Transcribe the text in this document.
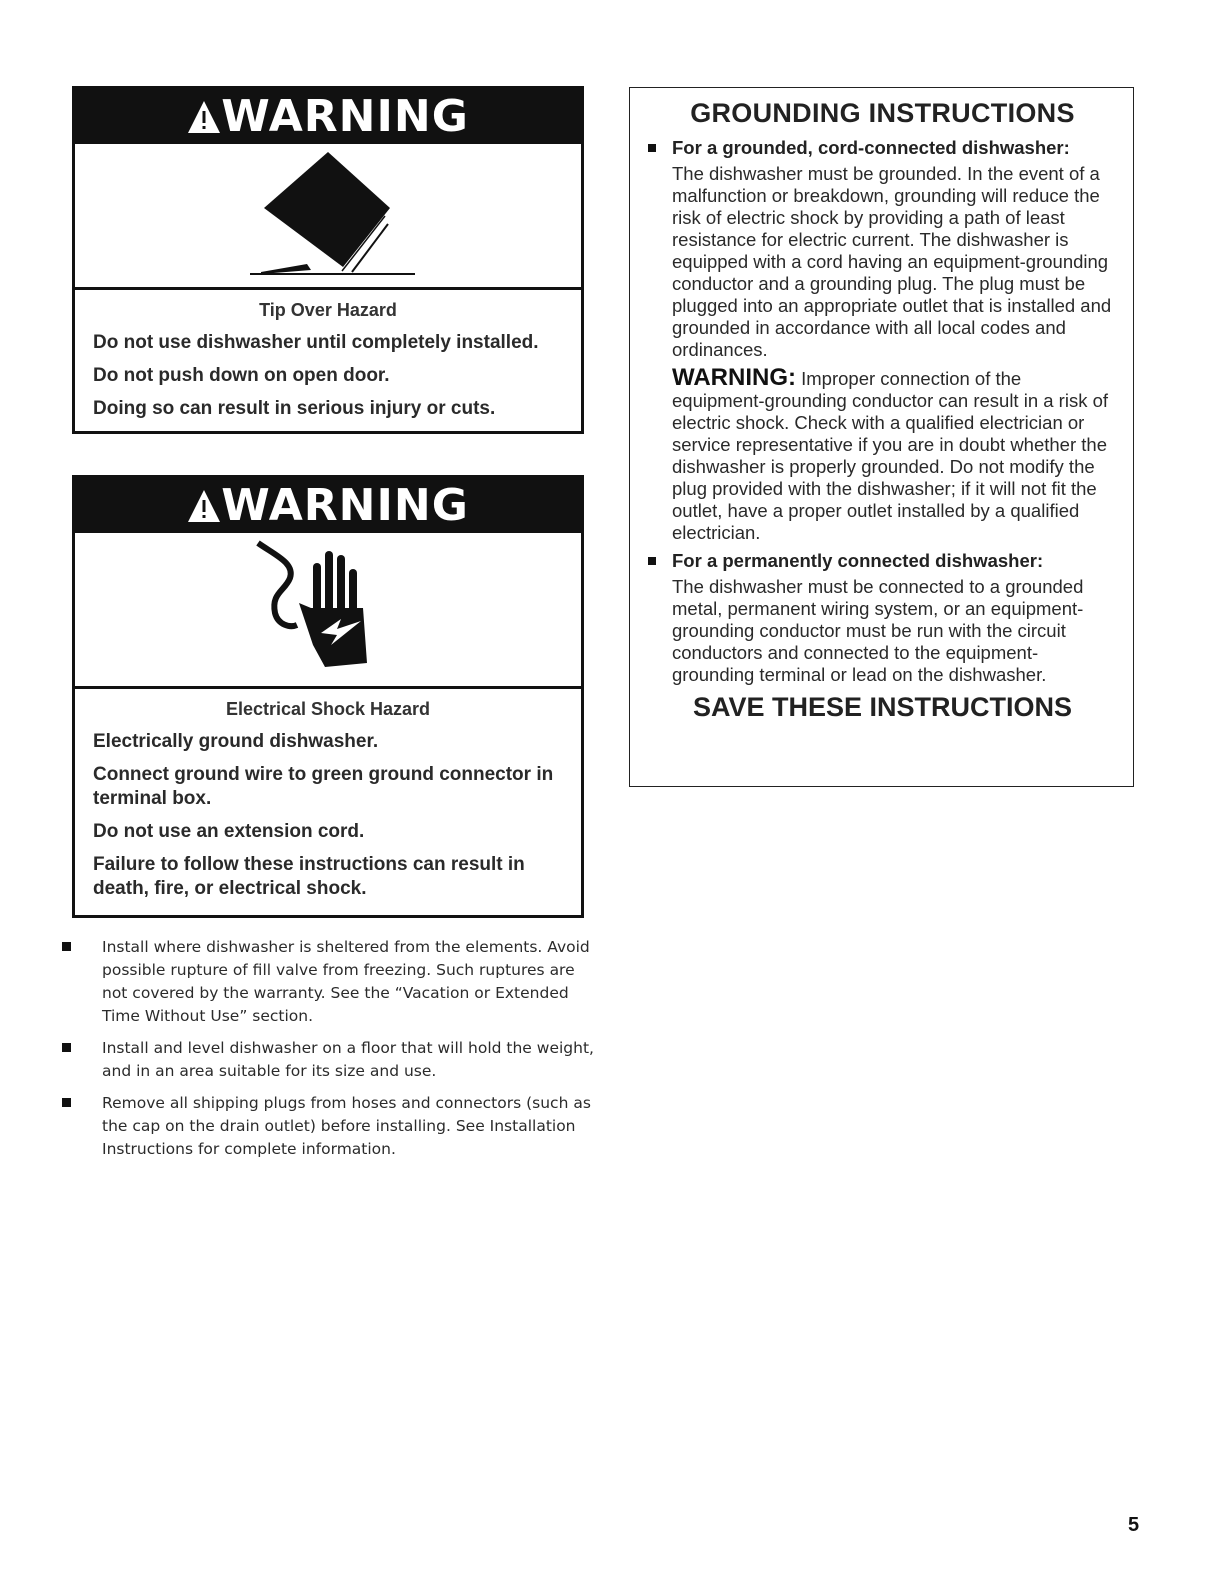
WARNING
Tip Over Hazard
Do not use dishwasher until completely installed.
Do not push down on open door.
Doing so can result in serious injury or cuts.
WARNING
Electrical Shock Hazard
Electrically ground dishwasher.
Connect ground wire to green ground connector in terminal box.
Do not use an extension cord.
Failure to follow these instructions can result in death, fire, or electrical shock.
GROUNDING INSTRUCTIONS
For a grounded, cord-connected dishwasher:

The dishwasher must be grounded. In the event of a malfunction or breakdown, grounding will reduce the risk of electric shock by providing a path of least resistance for electric current. The dishwasher is equipped with a cord having an equipment-grounding conductor and a grounding plug. The plug must be plugged into an appropriate outlet that is installed and grounded in accordance with all local codes and ordinances.

WARNING: Improper connection of the equipment-grounding conductor can result in a risk of electric shock. Check with a qualified electrician or service representative if you are in doubt whether the dishwasher is properly grounded. Do not modify the plug provided with the dishwasher; if it will not fit the outlet, have a proper outlet installed by a qualified electrician.

For a permanently connected dishwasher:

The dishwasher must be connected to a grounded metal, permanent wiring system, or an equipment-grounding conductor must be run with the circuit conductors and connected to the equipment-grounding terminal or lead on the dishwasher.

SAVE THESE INSTRUCTIONS
Install where dishwasher is sheltered from the elements. Avoid possible rupture of fill valve from freezing. Such ruptures are not covered by the warranty. See the “Vacation or Extended Time Without Use” section.
Install and level dishwasher on a floor that will hold the weight, and in an area suitable for its size and use.
Remove all shipping plugs from hoses and connectors (such as the cap on the drain outlet) before installing. See Installation Instructions for complete information.
5
